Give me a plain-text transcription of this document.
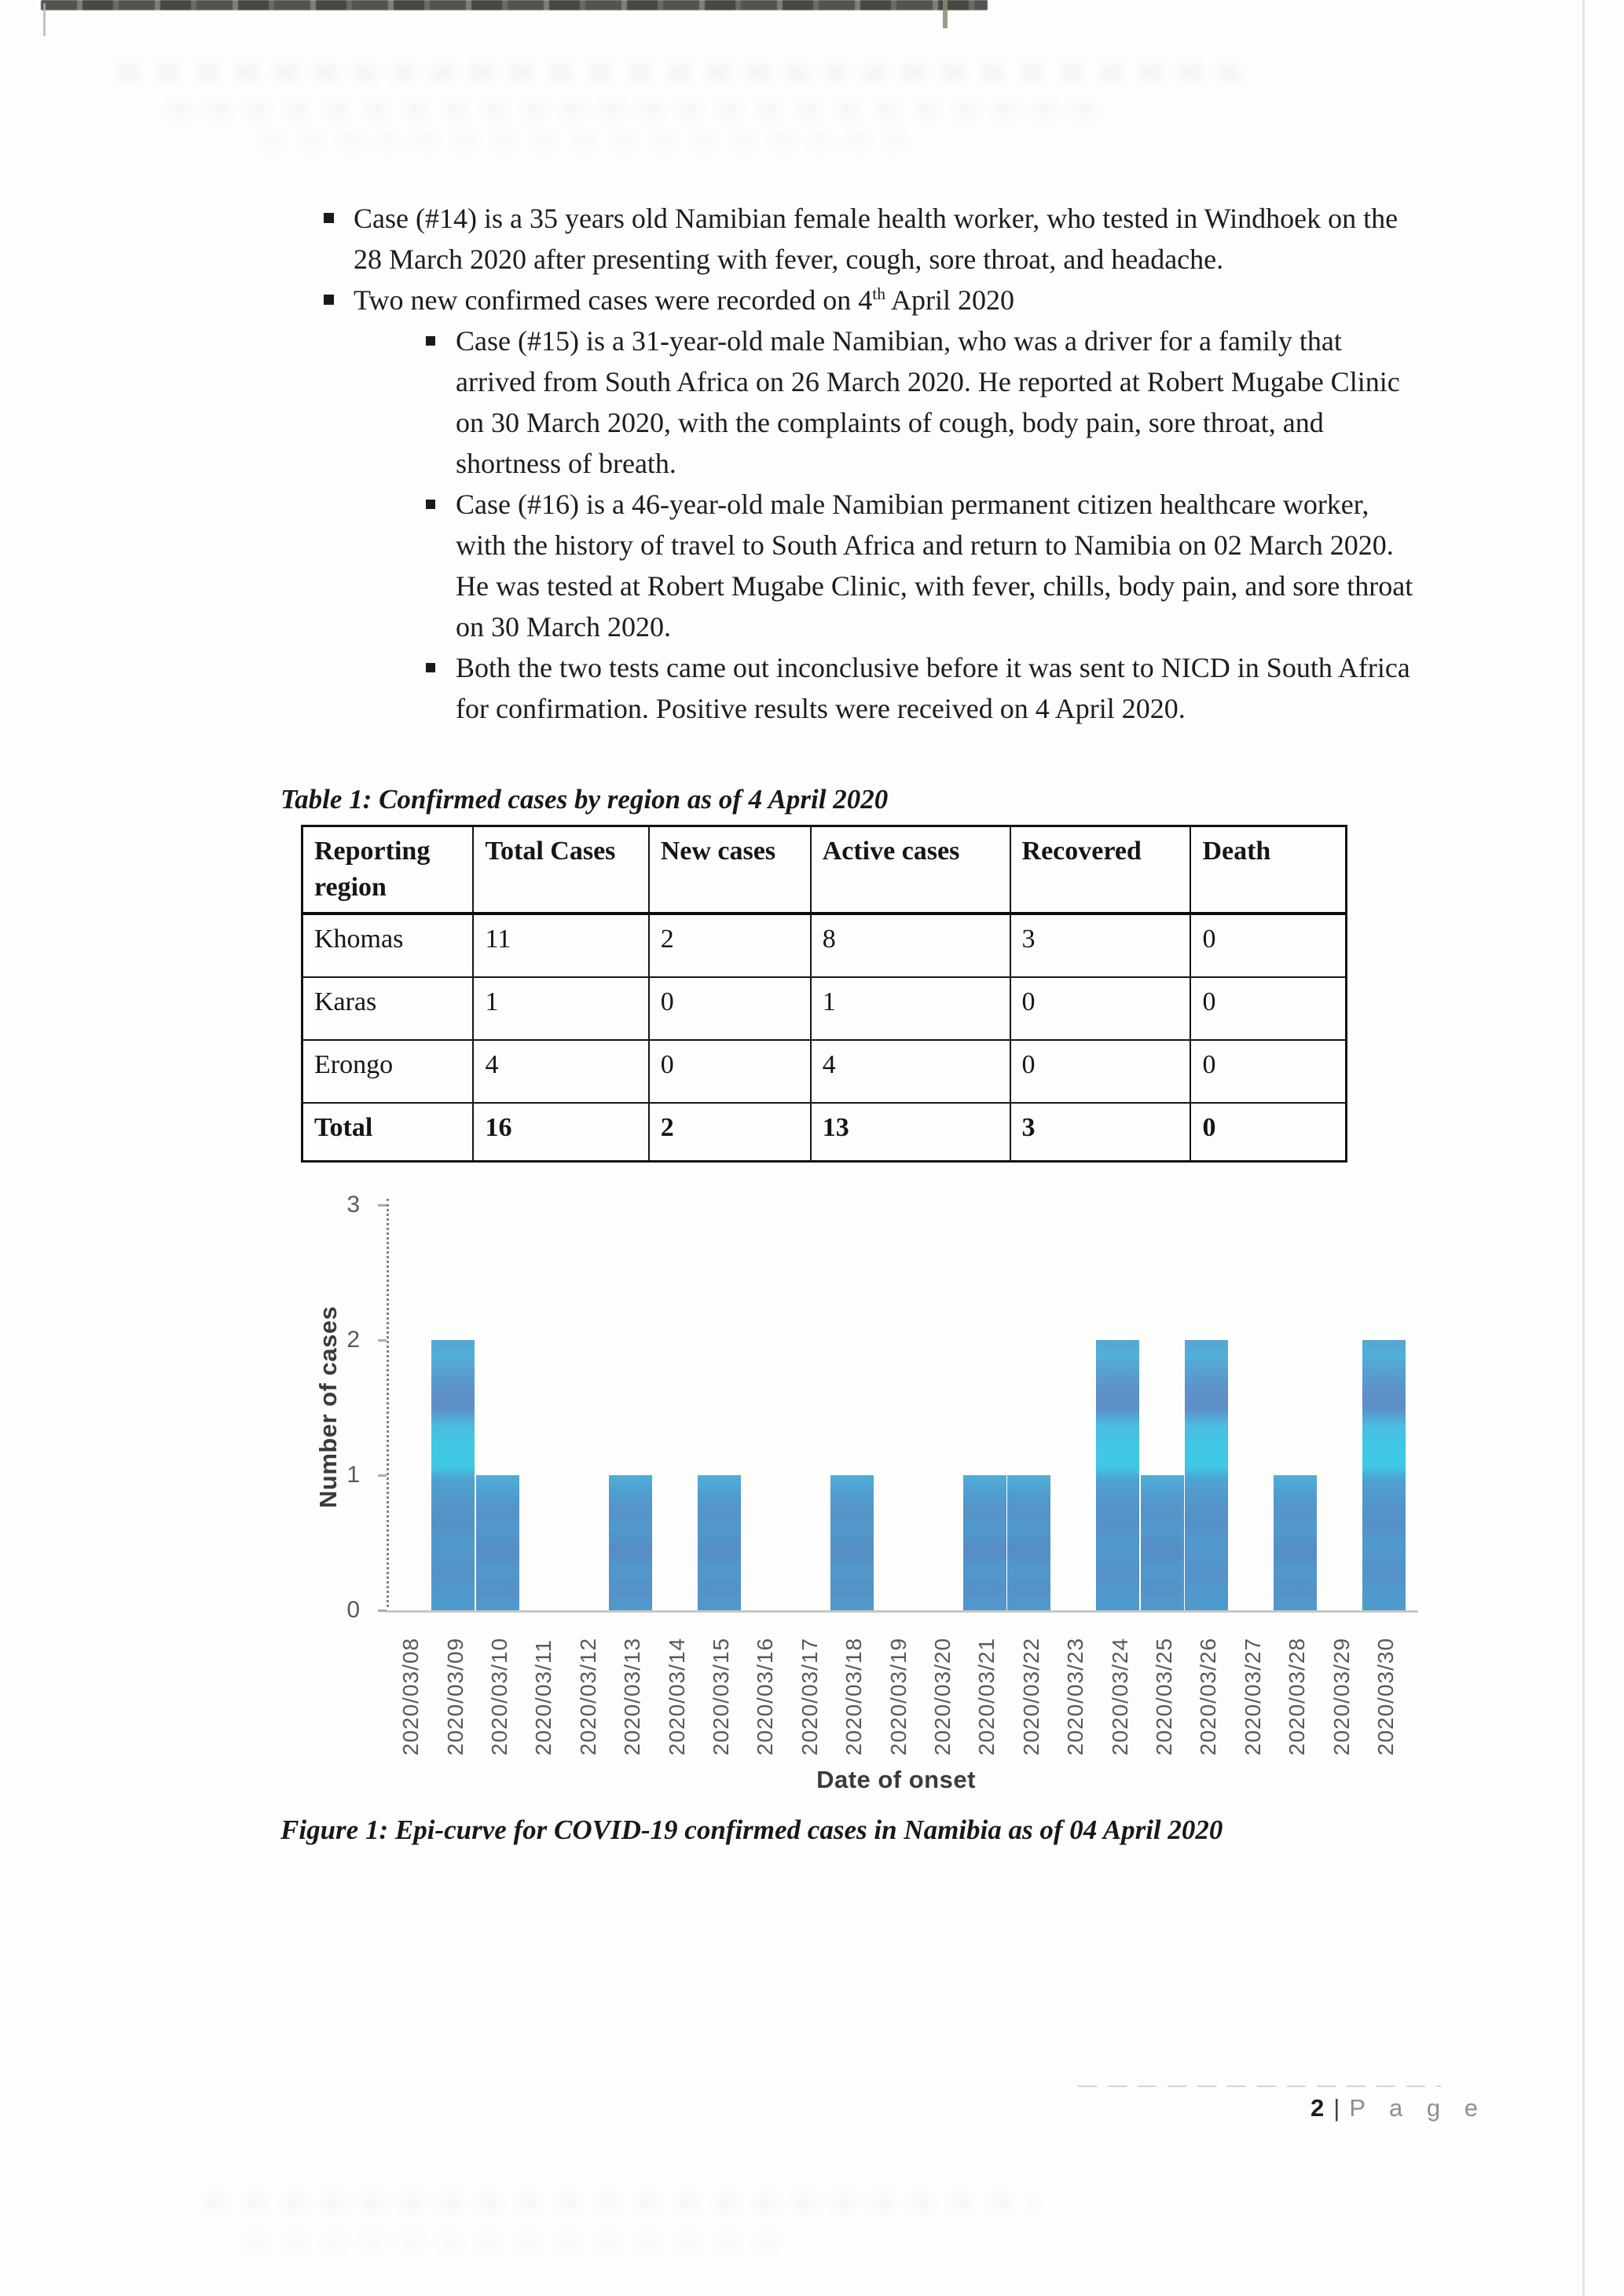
Case (#14) is a 35 years old Namibian female health worker, who tested in Windhoek on the 28 March 2020 after presenting with fever, cough, sore throat, and headache.
Two new confirmed cases were recorded on 4th April 2020
Case (#15) is a 31-year-old male Namibian, who was a driver for a family that arrived from South Africa on 26 March 2020. He reported at Robert Mugabe Clinic on 30 March 2020, with the complaints of cough, body pain, sore throat, and shortness of breath.
Case (#16) is a 46-year-old male Namibian permanent citizen healthcare worker, with the history of travel to South Africa and return to Namibia on 02 March 2020. He was tested at Robert Mugabe Clinic, with fever, chills, body pain, and sore throat on 30 March 2020.
Both the two tests came out inconclusive before it was sent to NICD in South Africa for confirmation. Positive results were received on 4 April 2020.
Table 1: Confirmed cases by region as of 4 April 2020
Reporting region	Total Cases	New cases	Active cases	Recovered	Death
Khomas	11	2	8	3	0
Karas	1	0	1	0	0
Erongo	4	0	4	0	0
Total	16	2	13	3	0
Number of cases
Date of onset
0
1
2
3
2020/03/08 2020/03/09 2020/03/10 2020/03/11 2020/03/12 2020/03/13 2020/03/14 2020/03/15 2020/03/16 2020/03/17 2020/03/18 2020/03/19 2020/03/20 2020/03/21 2020/03/22 2020/03/23 2020/03/24 2020/03/25 2020/03/26 2020/03/27 2020/03/28 2020/03/29 2020/03/30
Figure 1: Epi-curve for COVID-19 confirmed cases in Namibia as of 04 April 2020
2 | P a g e
